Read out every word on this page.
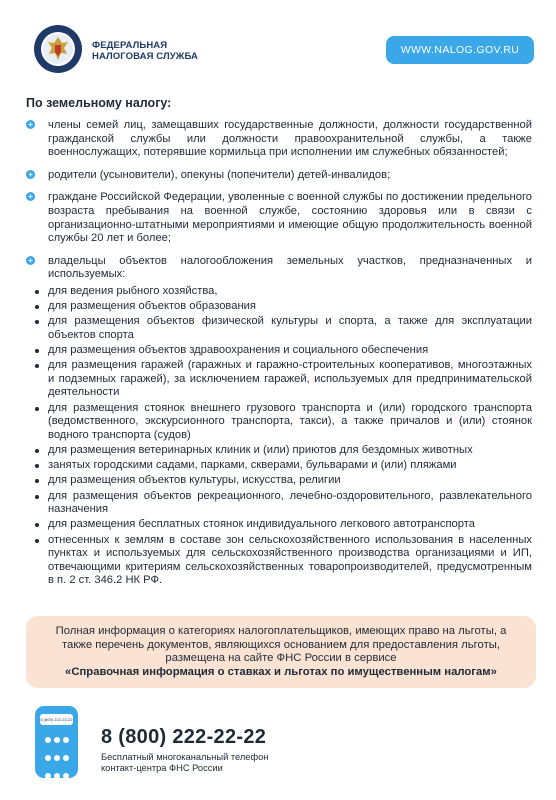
ФЕДЕРАЛЬНАЯ
НАЛОГОВАЯ СЛУЖБА
WWW.NALOG.GOV.RU
По земельному налогу:
+ члены семей лиц, замещавших государственные должности, должности государственной гражданской службы или должности правоохранительной службы, а также военнослужащих, потерявшие кормильца при исполнении им служебных обязанностей;
+ родители (усыновители), опекуны (попечители) детей-инвалидов;
+ граждане Российской Федерации, уволенные с военной службы по достижении предельного возраста пребывания на военной службе, состоянию здоровья или в связи с организационно-штатными мероприятиями и имеющие общую продолжительность военной службы 20 лет и более;
+ владельцы объектов налогообложения земельных участков, предназначенных и используемых:
для ведения рыбного хозяйства,
для размещения объектов образования
для размещения объектов физической культуры и спорта, а также для эксплуатации объектов спорта
для размещения объектов здравоохранения и социального обеспечения
для размещения гаражей (гаражных и гаражно-строительных кооперативов, многоэтажных и подземных гаражей), за исключением гаражей, используемых для предпринимательской деятельности
для размещения стоянок внешнего грузового транспорта и (или) городского транспорта (ведомственного, экскурсионного транспорта, такси), а также причалов и (или) стоянок водного транспорта (судов)
для размещения ветеринарных клиник и (или) приютов для бездомных животных
занятых городскими садами, парками, скверами, бульварами и (или) пляжами
для размещения объектов культуры, искусства, религии
для размещения объектов рекреационного, лечебно-оздоровительного, развлекательного назначения
для размещения бесплатных стоянок индивидуального легкового автотранспорта
отнесенных к землям в составе зон сельскохозяйственного использования в населенных пунктах и используемых для сельскохозяйственного производства организациями и ИП, отвечающими критериям сельскохозяйственных товаропроизводителей, предусмотренным в п. 2 ст. 346.2 НК РФ.
Полная информация о категориях налогоплательщиков, имеющих право на льготы, а также перечень документов, являющихся основанием для предоставления льготы, размещена на сайте ФНС России в сервисе
«Справочная информация о ставках и льготах по имущественным налогам»
8 (800) 222-22-22

8 (800) 222-22-22
Бесплатный многоканальный телефон
контакт-центра ФНС России
